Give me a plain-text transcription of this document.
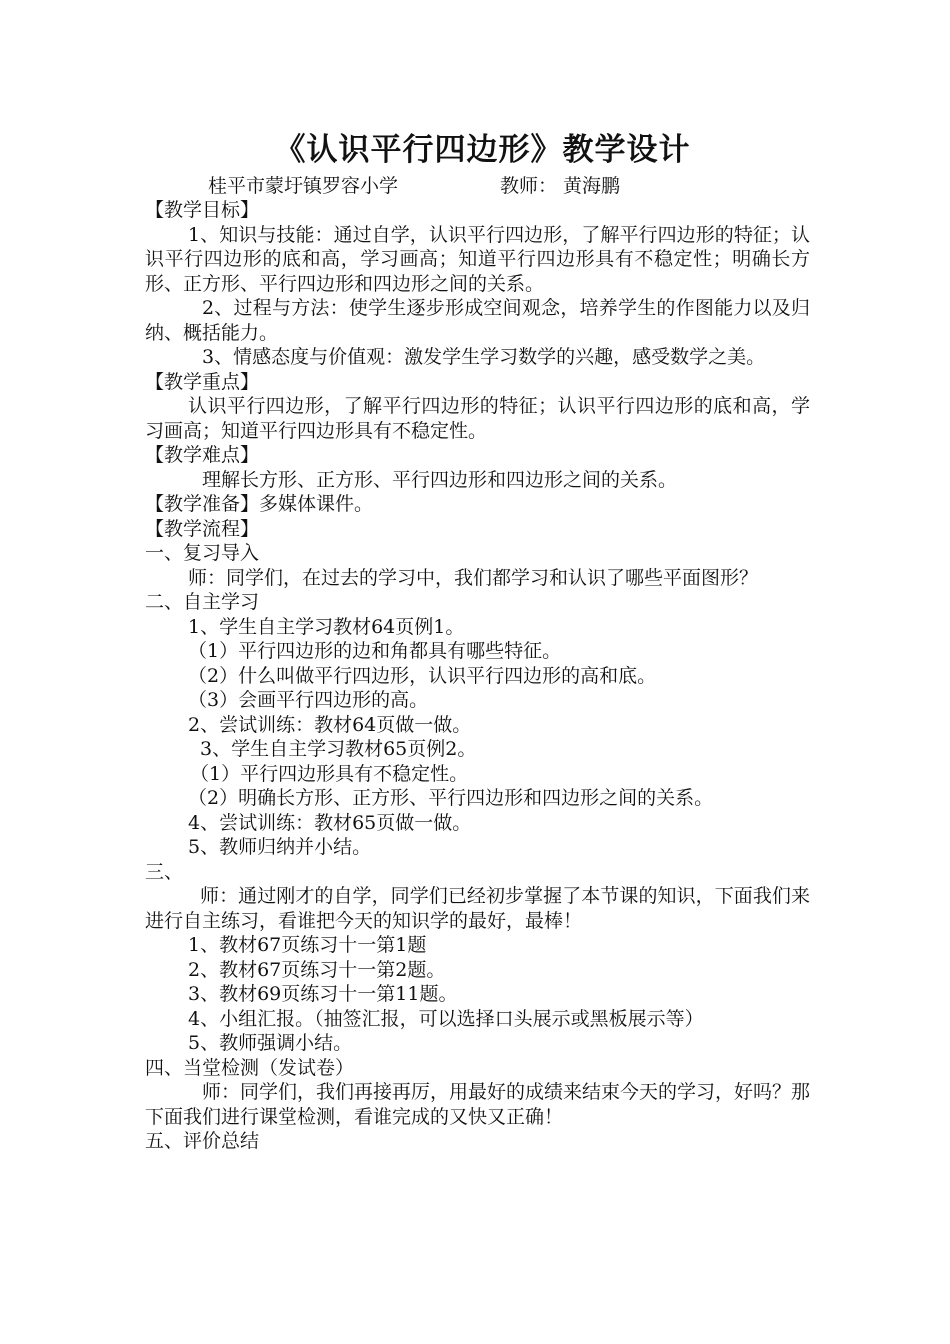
《认识平行四边形》教学设计
桂平市蒙圩镇罗容小学	教师： 黄海鹏
【教学目标】
1、知识与技能：通过自学，认识平行四边形，了解平行四边形的特征；认识平行四边形的底和高，学习画高；知道平行四边形具有不稳定性；明确长方形、正方形、平行四边形和四边形之间的关系。
2、过程与方法：使学生逐步形成空间观念，培养学生的作图能力以及归纳、概括能力。
3、情感态度与价值观：激发学生学习数学的兴趣，感受数学之美。
【教学重点】
认识平行四边形，了解平行四边形的特征；认识平行四边形的底和高，学习画高；知道平行四边形具有不稳定性。
【教学难点】
理解长方形、正方形、平行四边形和四边形之间的关系。
【教学准备】多媒体课件。
【教学流程】
一、复习导入
师：同学们，在过去的学习中，我们都学习和认识了哪些平面图形？
二、自主学习
1、学生自主学习教材64页例1。
（1）平行四边形的边和角都具有哪些特征。
（2）什么叫做平行四边形，认识平行四边形的高和底。
（3）会画平行四边形的高。
2、尝试训练：教材64页做一做。
3、学生自主学习教材65页例2。
（1）平行四边形具有不稳定性。
（2）明确长方形、正方形、平行四边形和四边形之间的关系。
4、尝试训练：教材65页做一做。
5、教师归纳并小结。
三、
师：通过刚才的自学，同学们已经初步掌握了本节课的知识，下面我们来进行自主练习，看谁把今天的知识学的最好，最棒！
1、教材67页练习十一第1题
2、教材67页练习十一第2题。
3、教材69页练习十一第11题。
4、小组汇报。（抽签汇报，可以选择口头展示或黑板展示等）
5、教师强调小结。
四、当堂检测（发试卷）
师：同学们，我们再接再厉，用最好的成绩来结束今天的学习，好吗？那下面我们进行课堂检测，看谁完成的又快又正确！
五、评价总结
